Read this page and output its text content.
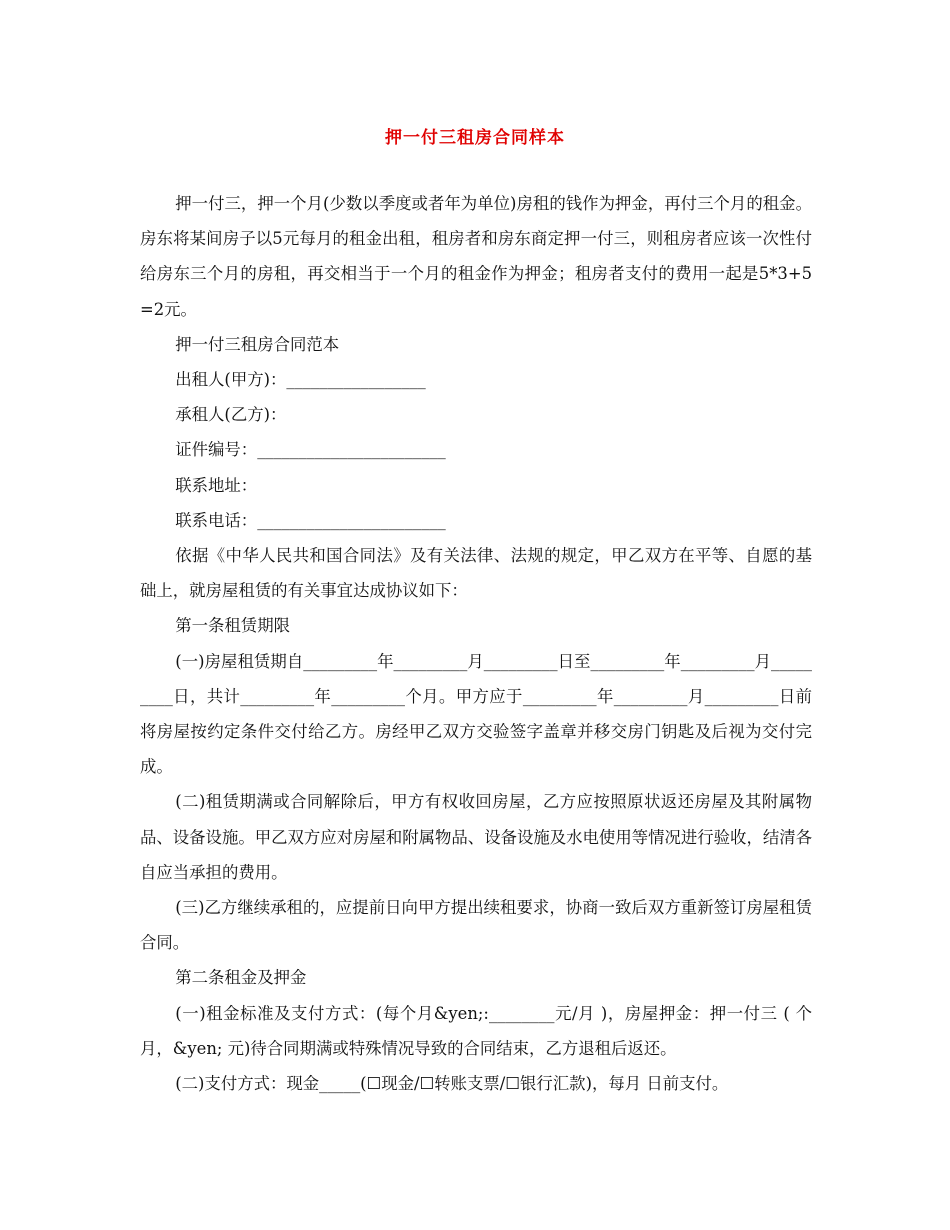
押一付三租房合同样本

押一付三，押一个月(少数以季度或者年为单位)房租的钱作为押金，再付三个月的租金。房东将某间房子以5元每月的租金出租，租房者和房东商定押一付三，则租房者应该一次性付给房东三个月的房租，再交相当于一个月的租金作为押金；租房者支付的费用一起是5*3+5=2元。

押一付三租房合同范本

出租人(甲方)：_________________

承租人(乙方)：

证件编号：_______________________

联系地址：

联系电话：_______________________

依据《中华人民共和国合同法》及有关法律、法规的规定，甲乙双方在平等、自愿的基础上，就房屋租赁的有关事宜达成协议如下：

第一条租赁期限

(一)房屋租赁期自_________年_________月_________日至_________年_________月_________日，共计_________年_________个月。甲方应于_________年_________月_________日前将房屋按约定条件交付给乙方。房经甲乙双方交验签字盖章并移交房门钥匙及后视为交付完成。

(二)租赁期满或合同解除后，甲方有权收回房屋，乙方应按照原状返还房屋及其附属物品、设备设施。甲乙双方应对房屋和附属物品、设备设施及水电使用等情况进行验收，结清各自应当承担的费用。

(三)乙方继续承租的，应提前日向甲方提出续租要求，协商一致后双方重新签订房屋租赁合同。

第二条租金及押金

(一)租金标准及支付方式：(每个月&yen;:________元/月 )，房屋押金：押一付三 ( 个月，&yen; 元)待合同期满或特殊情况导致的合同结束，乙方退租后返还。

(二)支付方式：现金_____(☐现金/☐转账支票/☐银行汇款)，每月 日前支付。
